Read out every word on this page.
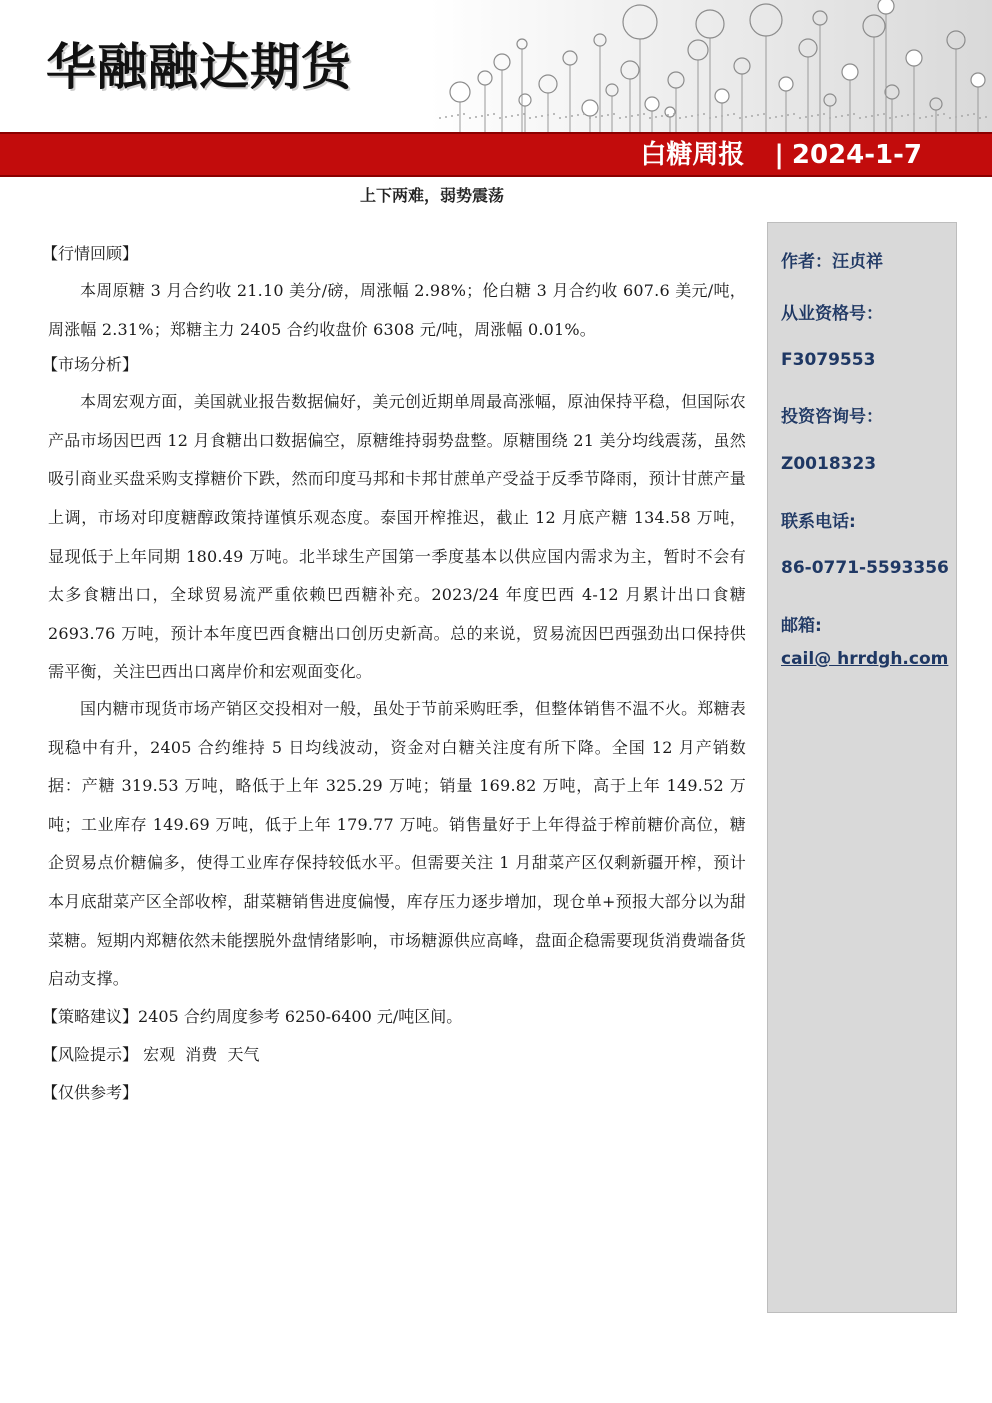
华融融达期货
白糖周报 | 2024-1-7
上下两难，弱势震荡
【行情回顾】

本周原糖 3 月合约收 21.10 美分/磅，周涨幅 2.98%；伦白糖 3 月合约收 607.6 美元/吨，周涨幅 2.31%；郑糖主力 2405 合约收盘价 6308 元/吨，周涨幅 0.01%。

【市场分析】

本周宏观方面，美国就业报告数据偏好，美元创近期单周最高涨幅，原油保持平稳，但国际农产品市场因巴西 12 月食糖出口数据偏空，原糖维持弱势盘整。原糖围绕 21 美分均线震荡，虽然吸引商业买盘采购支撑糖价下跌，然而印度马邦和卡邦甘蔗单产受益于反季节降雨，预计甘蔗产量上调，市场对印度糖醇政策持谨慎乐观态度。泰国开榨推迟，截止 12 月底产糖 134.58 万吨，显现低于上年同期 180.49 万吨。北半球生产国第一季度基本以供应国内需求为主，暂时不会有太多食糖出口，全球贸易流严重依赖巴西糖补充。2023/24 年度巴西 4-12 月累计出口食糖 2693.76 万吨，预计本年度巴西食糖出口创历史新高。总的来说，贸易流因巴西强劲出口保持供需平衡，关注巴西出口离岸价和宏观面变化。

国内糖市现货市场产销区交投相对一般，虽处于节前采购旺季，但整体销售不温不火。郑糖表现稳中有升，2405 合约维持 5 日均线波动，资金对白糖关注度有所下降。全国 12 月产销数据：产糖 319.53 万吨，略低于上年 325.29 万吨；销量 169.82 万吨，高于上年 149.52 万吨；工业库存 149.69 万吨，低于上年 179.77 万吨。销售量好于上年得益于榨前糖价高位，糖企贸易点价糖偏多，使得工业库存保持较低水平。但需要关注 1 月甜菜产区仅剩新疆开榨，预计本月底甜菜产区全部收榨，甜菜糖销售进度偏慢，库存压力逐步增加，现仓单+预报大部分以为甜菜糖。短期内郑糖依然未能摆脱外盘情绪影响，市场糖源供应高峰，盘面企稳需要现货消费端备货启动支撑。

【策略建议】2405 合约周度参考 6250-6400 元/吨区间。
【风险提示】 宏观  消费  天气
【仅供参考】
作者：汪贞祥
从业资格号：
F3079553
投资咨询号：
Z0018323
联系电话:
86-0771-5593356
邮箱:
cail@ hrrdgh.com
